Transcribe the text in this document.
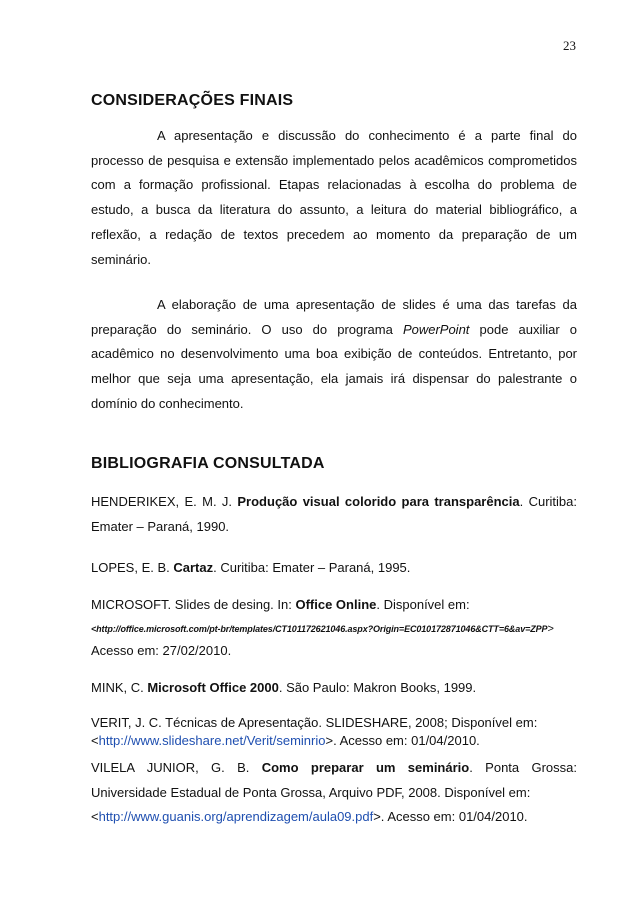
23
CONSIDERAÇÕES FINAIS

A apresentação e discussão do conhecimento é a parte final do processo de pesquisa e extensão implementado pelos acadêmicos comprometidos com a formação profissional. Etapas relacionadas à escolha do problema de estudo, a busca da literatura do assunto, a leitura do material bibliográfico, a reflexão, a redação de textos precedem ao momento da preparação de um seminário.

A elaboração de uma apresentação de slides é uma das tarefas da preparação do seminário. O uso do programa PowerPoint pode auxiliar o acadêmico no desenvolvimento uma boa exibição de conteúdos. Entretanto, por melhor que seja uma apresentação, ela jamais irá dispensar do palestrante o domínio do conhecimento.

BIBLIOGRAFIA CONSULTADA

HENDERIKEX, E. M. J. Produção visual colorido para transparência. Curitiba: Emater – Paraná, 1990.

LOPES, E. B. Cartaz. Curitiba: Emater – Paraná, 1995.

MICROSOFT. Slides de desing. In: Office Online. Disponível em:
<http://office.microsoft.com/pt-br/templates/CT101172621046.aspx?Origin=EC010172871046&CTT=6&av=ZPP>
Acesso em: 27/02/2010.

MINK, C. Microsoft Office 2000. São Paulo: Makron Books, 1999.

VERIT, J. C. Técnicas de Apresentação. SLIDESHARE, 2008; Disponível em:
<http://www.slideshare.net/Verit/seminrio>. Acesso em: 01/04/2010.
VILELA JUNIOR, G. B. Como preparar um seminário. Ponta Grossa: Universidade Estadual de Ponta Grossa, Arquivo PDF, 2008. Disponível em:
<http://www.guanis.org/aprendizagem/aula09.pdf>. Acesso em: 01/04/2010.
